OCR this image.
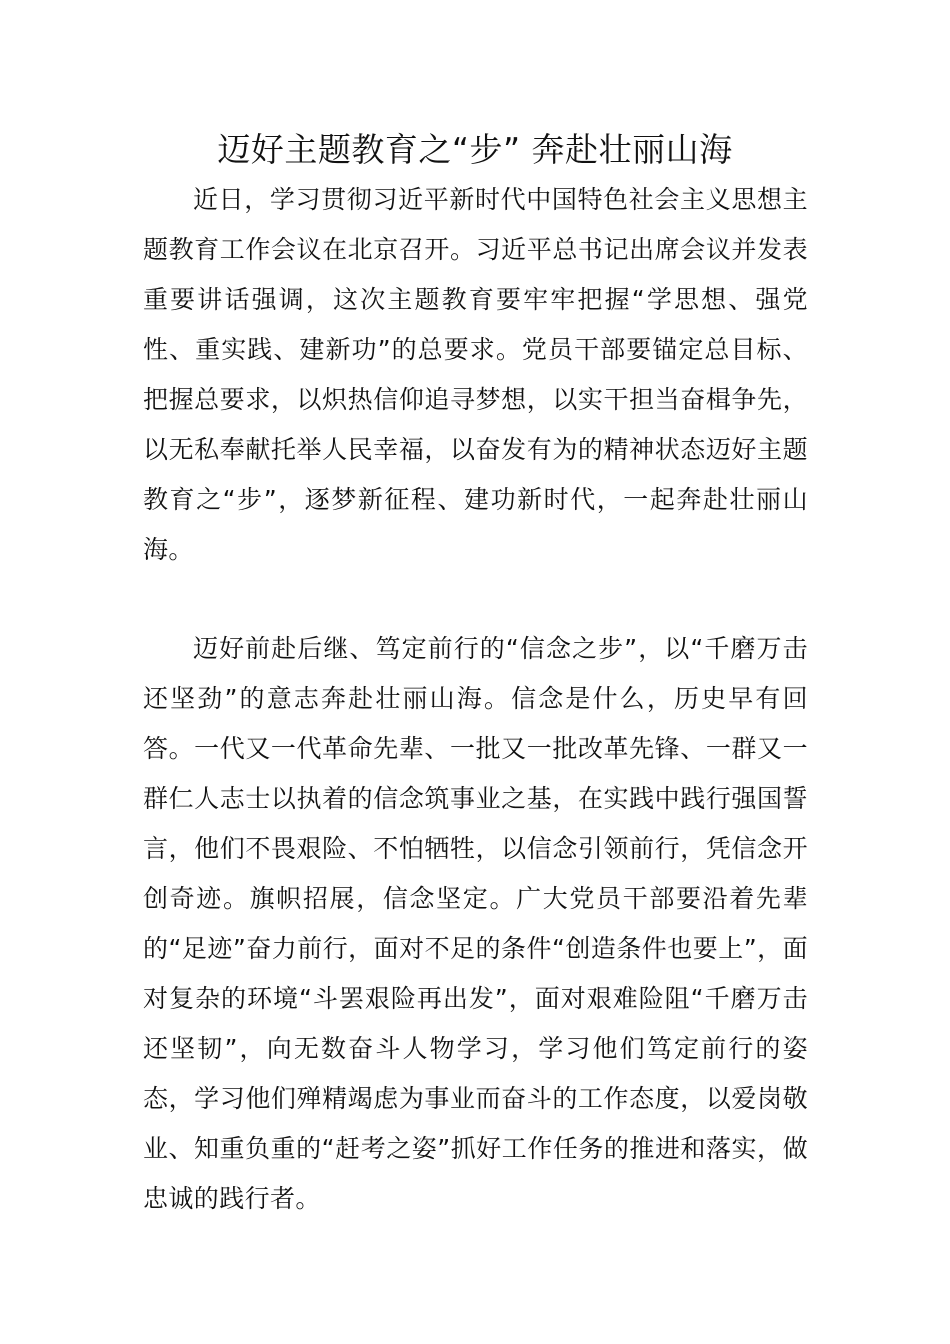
迈好主题教育之“步” 奔赴壮丽山海

近日，学习贯彻习近平新时代中国特色社会主义思想主题教育工作会议在北京召开。习近平总书记出席会议并发表重要讲话强调，这次主题教育要牢牢把握“学思想、强党性、重实践、建新功”的总要求。党员干部要锚定总目标、把握总要求，以炽热信仰追寻梦想，以实干担当奋楫争先，以无私奉献托举人民幸福，以奋发有为的精神状态迈好主题教育之“步”，逐梦新征程、建功新时代，一起奔赴壮丽山海。

迈好前赴后继、笃定前行的“信念之步”，以“千磨万击还坚劲”的意志奔赴壮丽山海。信念是什么，历史早有回答。一代又一代革命先辈、一批又一批改革先锋、一群又一群仁人志士以执着的信念筑事业之基，在实践中践行强国誓言，他们不畏艰险、不怕牺牲，以信念引领前行，凭信念开创奇迹。旗帜招展，信念坚定。广大党员干部要沿着先辈的“足迹”奋力前行，面对不足的条件“创造条件也要上”，面对复杂的环境“斗罢艰险再出发”，面对艰难险阻“千磨万击还坚韧”，向无数奋斗人物学习，学习他们笃定前行的姿态，学习他们殚精竭虑为事业而奋斗的工作态度，以爱岗敬业、知重负重的“赶考之姿”抓好工作任务的推进和落实，做忠诚的践行者。
